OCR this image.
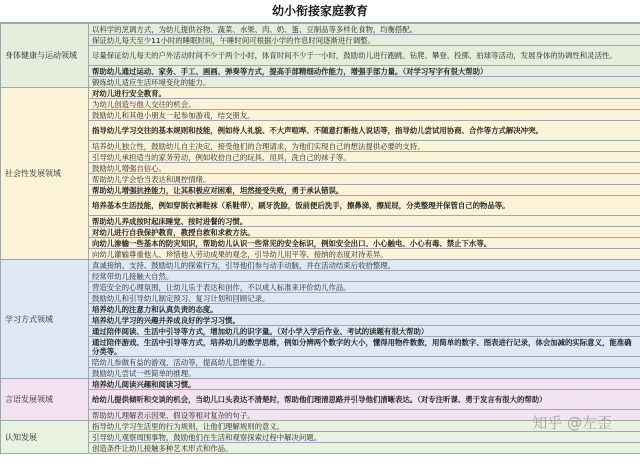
幼小衔接家庭教育
身体健康与运动领域	以科学的烹调方式，为幼儿提供谷物、蔬菜、水果、肉、奶、蛋、豆制品等多样化食物，均衡搭配。
	保证幼儿每天至少11小时的睡眠时间，午睡时间可根据小学的作息时间逐渐进行调整。
	尽量保证幼儿每天的户外活动时间不少于两个小时，体育时间不少于一小时，鼓励幼儿进行跑跳、钻爬、攀登、投掷、拍球等活动，发展身体的协调性和灵活性。
	帮助幼儿通过运动、家务、手工、画画、弹奏等方式，提高手部精细动作能力，增强手部力量。（对学习写字有很大帮助）
	锻炼幼儿适应生活环境变化的能力。
社会性发展领域	对幼儿进行安全教育。
	为幼儿创造与他人交往的机会。
	鼓励幼儿和其他小朋友一起参加游戏，结交朋友。
	指导幼儿学习交往的基本规则和技能，例如待人礼貌、不大声喧哗、不随意打断他人说话等，指导幼儿尝试用协商、合作等方式解决冲突。
	培养幼儿独立性，鼓励幼儿自主决定，接受他们的合理请求，为他们实现自己的想法提供必要的支持。
	引导幼儿承担适当的家务劳动，例如收拾自己的玩具、用具，洗自己的袜子等。
	鼓励幼儿增强自信心。
	帮助幼儿学会恰当表达和调控情绪。
	帮助幼儿增强抗挫能力，让其积极应对困难，坦然接受失败，勇于承认错误。
	培养基本生活技能，例如穿脱衣裤鞋袜（系鞋带），刷牙洗脸，饭前便后洗手，擦鼻涕，擦屁屁，分类整理并保管自己的物品等。
	帮助幼儿养成按时起床睡觉、按时进餐的习惯。
	对幼儿进行自我保护教育，教授自救和求救方法。
	向幼儿渗输一些基本的防灾知识，帮助幼儿认识一些常见的安全标识，例如安全出口、小心触电、小心有毒、禁止下水等。
	向幼儿灌输尊重他人、珍惜他人劳动成果的观念，引导幼儿用平等、接纳的态度对待差异。
学习方式领域	真诚接纳、支持、鼓励幼儿的探索行为，引导他们参与动手动脑，并在活动结束后收拾整理。
	经常带幼儿接触大自然。
	营造安全的心理氛围，让幼儿乐于表达和创作，不以成人标准来评价幼儿作品。
	鼓励幼儿和引导幼儿制定预习、复习计划和回顾记录。
	培养幼儿的注意力和认真负责的态度。
	培养幼儿学习的兴趣并养成良好的学习习惯。
	通过陪伴阅读、生活中引导等方式，增加幼儿的识字量。（对小学入学后作业、考试的读题有很大帮助）
	通过陪伴游戏、生活中引导等方式，培养幼儿的数学思维，例如分辨两个数字的大小，懂得用物件数数，用简单的数字、图表进行记录，体会加减的实际意义，能准确分类等。
	陪幼儿参做有益的游戏、活动等，提高幼儿思维能力。
	鼓励幼儿尝试一些简单的推理。
言语发展领域	培养幼儿阅读兴趣和阅读习惯。
	给幼儿提供倾听和交谈的机会，当幼儿口头表达不清楚时，帮助他们理清思路并引导他们清晰表达。（对专注听课、勇于发言有很大的帮助）
	帮助幼儿理解表示因果、假设等相对复杂的句子。
认知发展	指导幼儿学习生活里的行为规则，让他们理解规则的意义。
	引导幼儿观察周围事物，鼓励他们在生活和观察探索过程中解决问题。
	创造条件让幼儿接触多种艺术形式和作品。
知乎 @左歪
